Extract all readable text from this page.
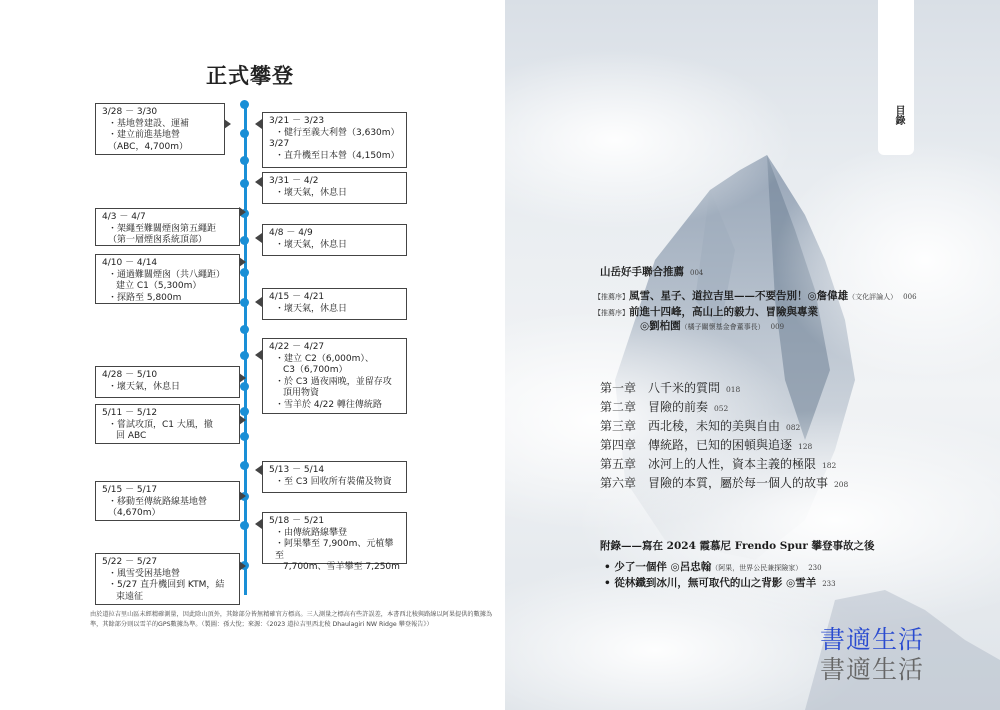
正式攀登
3/28 － 3/30
・基地營建設、運補
・建立前進基地營
（ABC，4,700m）
3/21 － 3/23
・健行至義大利營（3,630m）
3/27
・直升機至日本營（4,150m）
3/31 － 4/2
・壞天氣，休息日
4/3 － 4/7
・架繩至難關煙囪第五繩距
（第一層煙囪系統頂部）
4/8 － 4/9
・壞天氣，休息日
4/10 － 4/14
・通過難關煙囪（共八繩距）
建立 C1（5,300m）
・探路至 5,800m	4/15 － 4/21
・壞天氣，休息日
4/22 － 4/27
・建立 C2（6,000m）、
C3（6,700m）
・於 C3 過夜兩晚，並留存攻
頂用物資
・雪羊於 4/22 轉往傳統路
4/28 － 5/10
・壞天氣，休息日
5/11 － 5/12
・嘗試攻頂，C1 大風，撤
回 ABC
5/13 － 5/14
・至 C3 回收所有裝備及物資
5/15 － 5/17
・移動至傳統路線基地營
（4,670m）
5/18 － 5/21
・由傳統路線攀登
・阿果攀至 7,900m、元植攀至
7,700m、雪羊攀至 7,250m
5/22 － 5/27
・風雪受困基地營
・5/27 直升機回到 KTM，結
束遠征
由於道拉吉里山區未經精確測量，因此除山頂外，其餘部分皆無精確官方標高。三人測量之標高有些許誤差，本書西北稜與路線以阿果提供的數據為準，其餘部分則以雪羊的GPS數據為準。（製圖：孫大悅；來源：《2023 道拉吉里西北稜 Dhaulagiri NW Ridge 攀登報告》）
目錄
山岳好手聯合推薦 004
【推薦序】風雪、星子、道拉吉里——不要告別！◎詹偉雄（文化評論人） 006
【推薦序】前進十四峰，高山上的毅力、冒險與專業
◎劉柏園（橘子關懷基金會董事長） 009
第一章 八千米的質問 018
第二章 冒險的前奏 052
第三章 西北稜，未知的美與自由 082
第四章 傳統路，已知的困頓與追逐 128
第五章 冰河上的人性，資本主義的極限 182
第六章 冒險的本質，屬於每一個人的故事 208
附錄——寫在 2024 霞慕尼 Frendo Spur 攀登事故之後
• 少了一個伴 ◎呂忠翰（阿果，世界公民兼探險家） 230
• 從林鐵到冰川，無可取代的山之背影 ◎雪羊 233
書適生活
書適生活
